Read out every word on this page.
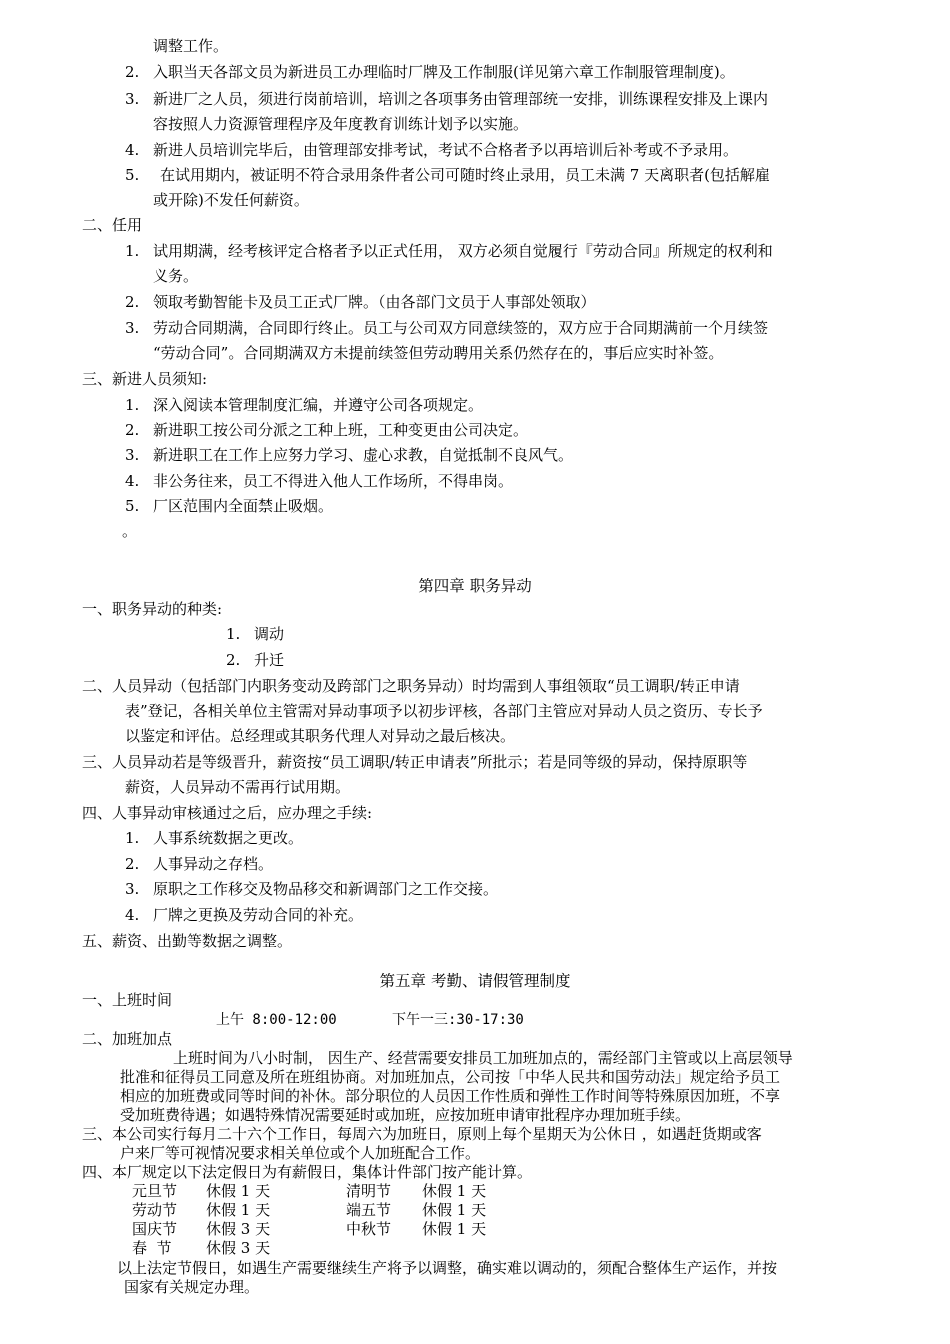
调整工作。
2. 入职当天各部文员为新进员工办理临时厂牌及工作制服(详见第六章工作制服管理制度)。
3. 新进厂之人员，须进行岗前培训，培训之各项事务由管理部统一安排，训练课程安排及上课内
容按照人力资源管理程序及年度教育训练计划予以实施。
4. 新进人员培训完毕后，由管理部安排考试，考试不合格者予以再培训后补考或不予录用。
5. 在试用期内，被证明不符合录用条件者公司可随时终止录用，员工未满 7 天离职者(包括解雇
或开除)不发任何薪资。
二、任用
1. 试用期满，经考核评定合格者予以正式任用， 双方必须自觉履行『劳动合同』所规定的权利和
义务。
2. 领取考勤智能卡及员工正式厂牌。（由各部门文员于人事部处领取）
3. 劳动合同期满，合同即行终止。员工与公司双方同意续签的，双方应于合同期满前一个月续签
“劳动合同”。合同期满双方未提前续签但劳动聘用关系仍然存在的，事后应实时补签。
三、新进人员须知:
1. 深入阅读本管理制度汇编，并遵守公司各项规定。
2. 新进职工按公司分派之工种上班，工种变更由公司决定。
3. 新进职工在工作上应努力学习、虚心求教，自觉抵制不良风气。
4. 非公务往来，员工不得进入他人工作场所，不得串岗。
5. 厂区范围内全面禁止吸烟。
。
第四章 职务异动
一、职务异动的种类:
1. 调动
2. 升迁
二、人员异动（包括部门内职务变动及跨部门之职务异动）时均需到人事组领取“员工调职/转正申请
表”登记，各相关单位主管需对异动事项予以初步评核，各部门主管应对异动人员之资历、专长予
以鉴定和评估。总经理或其职务代理人对异动之最后核决。
三、人员异动若是等级晋升，薪资按“员工调职/转正申请表”所批示；若是同等级的异动，保持原职等
薪资，人员异动不需再行试用期。
四、人事异动审核通过之后，应办理之手续:
1. 人事系统数据之更改。
2. 人事异动之存档。
3. 原职之工作移交及物品移交和新调部门之工作交接。
4. 厂牌之更换及劳动合同的补充。
五、薪资、出勤等数据之调整。
第五章 考勤、请假管理制度
一、上班时间
上午 8:00-12:00	下午一三:30-17:30
二、加班加点
上班时间为八小时制， 因生产、经营需要安排员工加班加点的，需经部门主管或以上高层领导
批准和征得员工同意及所在班组协商。对加班加点，公司按「中华人民共和国劳动法」规定给予员工
相应的加班费或同等时间的补休。部分职位的人员因工作性质和弹性工作时间等特殊原因加班，不享
受加班费待遇；如遇特殊情况需要延时或加班，应按加班申请审批程序办理加班手续。
三、本公司实行每月二十六个工作日，每周六为加班日，原则上每个星期天为公休日 ，如遇赶货期或客
户来厂等可视情况要求相关单位或个人加班配合工作。
四、本厂规定以下法定假日为有薪假日，集体计件部门按产能计算。
元旦节 休假 1 天	清明节 休假 1 天
劳动节 休假 1 天	端五节 休假 1 天
国庆节 休假 3 天	中秋节 休假 1 天
春  节 休假 3 天
以上法定节假日，如遇生产需要继续生产将予以调整，确实难以调动的，须配合整体生产运作，并按
国家有关规定办理。
